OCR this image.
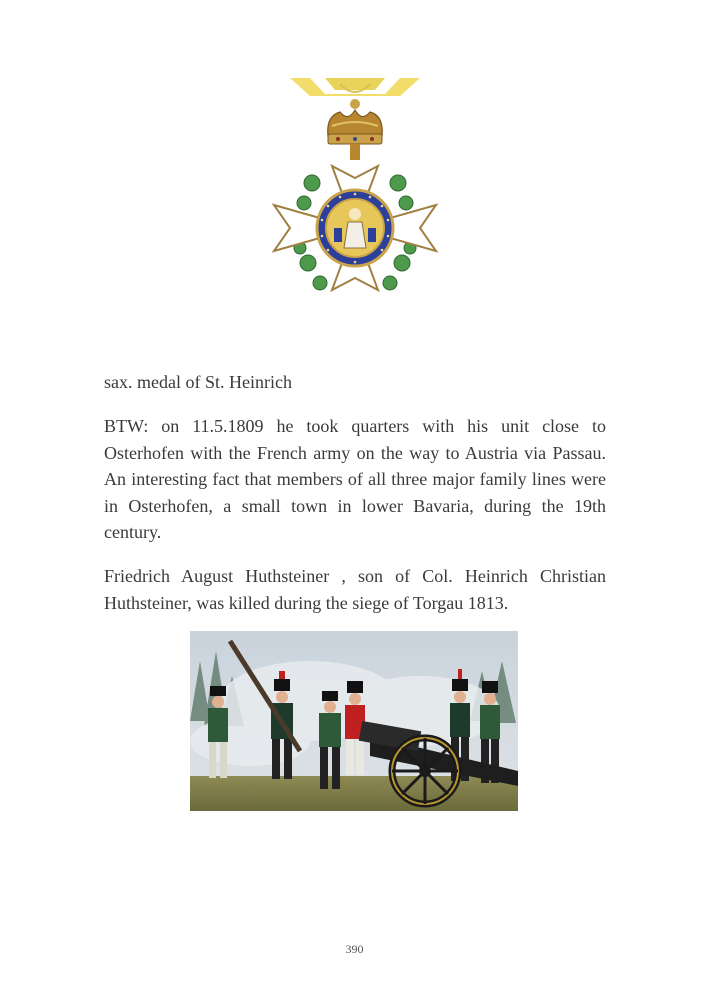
sax. medal of St. Heinrich

BTW: on 11.5.1809 he took quarters with his unit close to Osterhofen with the French army on the way to Austria via Passau. An interesting fact that members of all three major family lines were in Osterhofen, a small town in lower Bavaria, during the 19th century.

Friedrich August Huthsteiner , son of Col. Heinrich Christian Huthsteiner, was killed during the siege of Torgau 1813.

390
